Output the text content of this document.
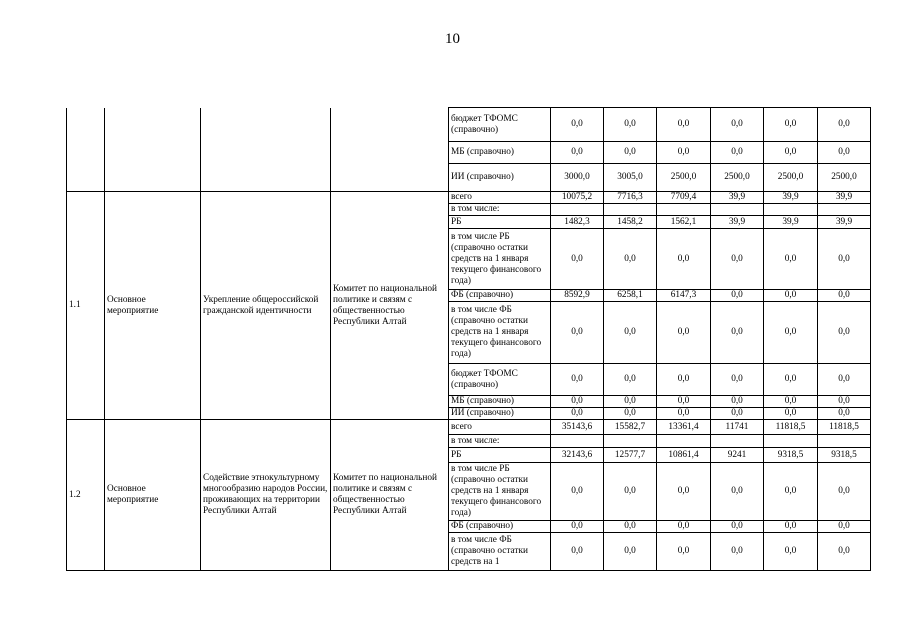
10
				бюджет ТФОМС (справочно)	0,0	0,0	0,0	0,0	0,0	0,0
				МБ (справочно)	0,0	0,0	0,0	0,0	0,0	0,0
				ИИ (справочно)	3000,0	3005,0	2500,0	2500,0	2500,0	2500,0
1.1	Основное мероприятие	Укрепление общероссийской гражданской идентичности	Комитет по национальной политике и связям с общественностью Республики Алтай	всего	10075,2	7716,3	7709,4	39,9	39,9	39,9
				в том числе:						
				РБ	1482,3	1458,2	1562,1	39,9	39,9	39,9
				в том числе РБ (справочно остатки средств на 1 января текущего финансового года)	0,0	0,0	0,0	0,0	0,0	0,0
				ФБ (справочно)	8592,9	6258,1	6147,3	0,0	0,0	0,0
				в том числе ФБ (справочно остатки средств на 1 января текущего финансового года)	0,0	0,0	0,0	0,0	0,0	0,0
				бюджет ТФОМС (справочно)	0,0	0,0	0,0	0,0	0,0	0,0
				МБ (справочно)	0,0	0,0	0,0	0,0	0,0	0,0
				ИИ (справочно)	0,0	0,0	0,0	0,0	0,0	0,0
1.2	Основное мероприятие	Содействие этнокультурному многообразию народов России, проживающих на территории Республики Алтай	Комитет по национальной политике и связям с общественностью Республики Алтай	всего	35143,6	15582,7	13361,4	11741	11818,5	11818,5
				в том числе:						
				РБ	32143,6	12577,7	10861,4	9241	9318,5	9318,5
				в том числе РБ (справочно остатки средств на 1 января текущего финансового года)	0,0	0,0	0,0	0,0	0,0	0,0
				ФБ (справочно)	0,0	0,0	0,0	0,0	0,0	0,0
				в том числе ФБ (справочно остатки средств на 1	0,0	0,0	0,0	0,0	0,0	0,0
